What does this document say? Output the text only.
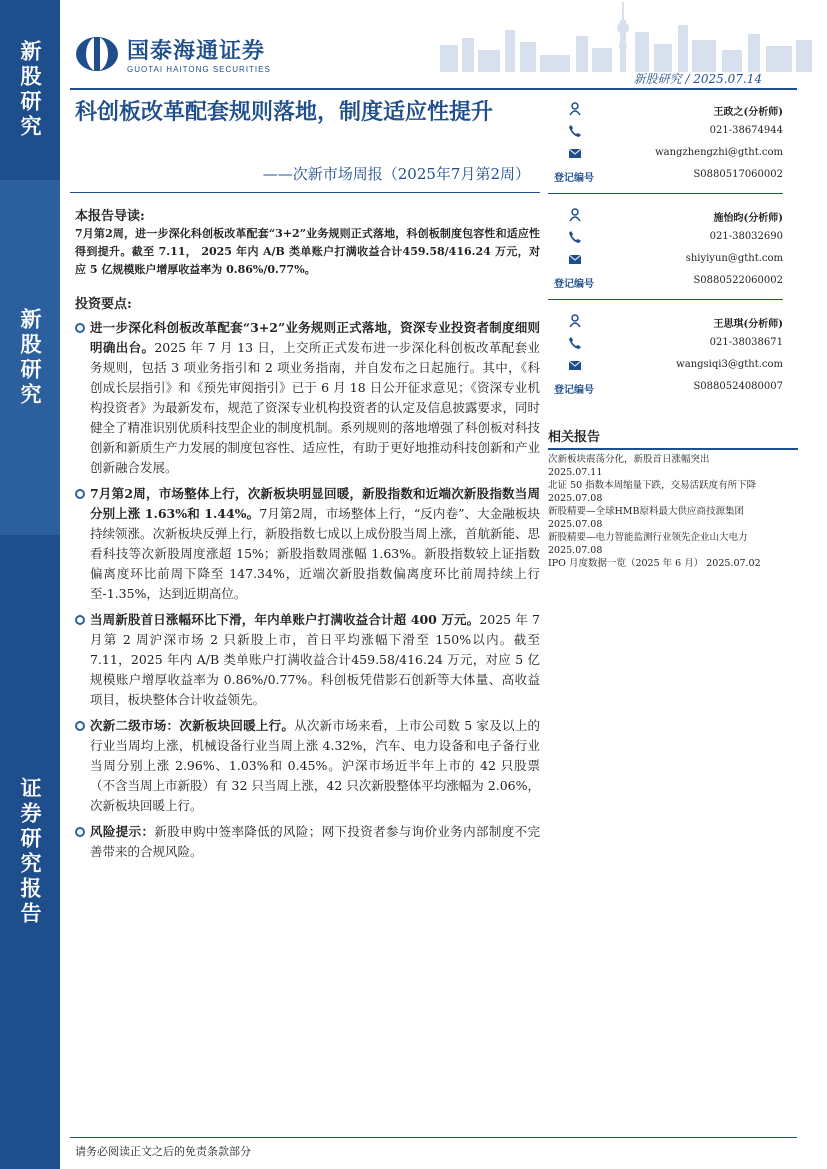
新股研究
新股研究
证券研究报告
国泰海通证券
GUOTAI HAITONG SECURITIES
新股研究 / 2025.07.14
科创板改革配套规则落地，制度适应性提升
——次新市场周报（2025年7月第2周）
王政之(分析师)
021-38674944
wangzhengzhi@gtht.com
登记编号	S0880517060002
施怡昀(分析师)
021-38032690
shiyiyun@gtht.com
登记编号	S0880522060002
王思琪(分析师)
021-38038671
wangsiqi3@gtht.com
登记编号	S0880524080007
本报告导读:
7月第2周，进一步深化科创板改革配套“3+2”业务规则正式落地，科创板制度包容性和适应性得到提升。截至 7.11， 2025 年内 A/B 类单账户打满收益合计459.58/416.24 万元，对应 5 亿规模账户增厚收益率为 0.86%/0.77%。
投资要点:
进一步深化科创板改革配套“3+2”业务规则正式落地，资深专业投资者制度细则明确出台。2025 年 7 月 13 日，上交所正式发布进一步深化科创板改革配套业务规则，包括 3 项业务指引和 2 项业务指南，并自发布之日起施行。其中，《科创成长层指引》和《预先审阅指引》已于 6 月 18 日公开征求意见；《资深专业机构投资者》为最新发布，规范了资深专业机构投资者的认定及信息披露要求，同时健全了精准识别优质科技型企业的制度机制。系列规则的落地增强了科创板对科技创新和新质生产力发展的制度包容性、适应性，有助于更好地推动科技创新和产业创新融合发展。
7月第2周，市场整体上行，次新板块明显回暖，新股指数和近端次新股指数当周分别上涨 1.63%和 1.44%。7月第2周，市场整体上行，“反内卷”、大金融板块持续领涨。次新板块反弹上行，新股指数七成以上成份股当周上涨，首航新能、思看科技等次新股周度涨超 15%；新股指数周涨幅 1.63%。新股指数较上证指数偏离度环比前周下降至 147.34%，近端次新股指数偏离度环比前周持续上行至-1.35%，达到近期高位。
当周新股首日涨幅环比下滑，年内单账户打满收益合计超 400 万元。2025 年 7 月第 2 周沪深市场 2 只新股上市，首日平均涨幅下滑至 150%以内。截至 7.11，2025 年内 A/B 类单账户打满收益合计459.58/416.24 万元，对应 5 亿规模账户增厚收益率为 0.86%/0.77%。科创板凭借影石创新等大体量、高收益项目，板块整体合计收益领先。
次新二级市场：次新板块回暖上行。从次新市场来看，上市公司数 5 家及以上的行业当周均上涨，机械设备行业当周上涨 4.32%，汽车、电力设备和电子备行业当周分别上涨 2.96%、1.03%和 0.45%。沪深市场近半年上市的 42 只股票（不含当周上市新股）有 32 只当周上涨，42 只次新股整体平均涨幅为 2.06%，次新板块回暖上行。
风险提示：新股申购中签率降低的风险；网下投资者参与询价业务内部制度不完善带来的合规风险。
相关报告
次新板块震荡分化，新股首日涨幅突出
2025.07.11
北证 50 指数本周缩量下跌，交易活跃度有所下降
2025.07.08
新股精要—全球HMB原料最大供应商技源集团
2025.07.08
新股精要—电力智能监测行业领先企业山大电力
2025.07.08
IPO 月度数据一览（2025 年 6 月） 2025.07.02
请务必阅读正文之后的免责条款部分
